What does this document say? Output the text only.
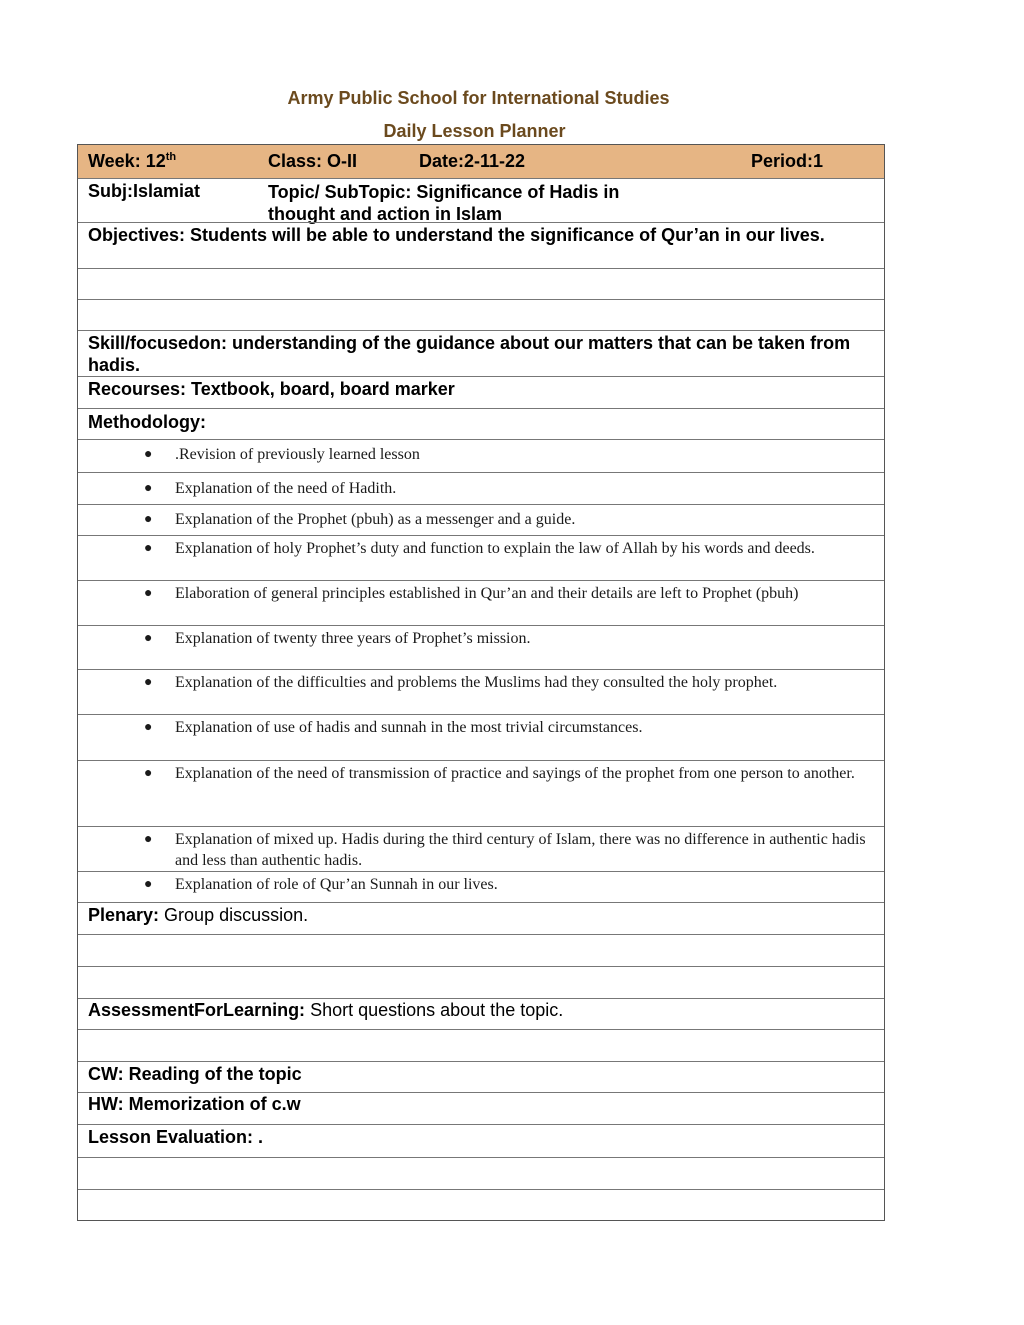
Army Public School for International Studies
Daily Lesson Planner
Week: 12th	Class: O-II	Date:2-11-22	Period:1
Subj:Islamiat	Topic/ SubTopic: Significance of Hadis in thought and action in Islam
Objectives: Students will be able to understand the significance of Qur’an in our lives.
Skill/focusedon: understanding of the guidance about our matters that can be taken from hadis.
Recourses: Textbook, board, board marker
Methodology:
● .Revision of previously learned lesson
● Explanation of the need of Hadith.
● Explanation of the Prophet (pbuh) as a messenger and a guide.
● Explanation of holy Prophet’s duty and function to explain the law of Allah by his words and deeds.
● Elaboration of general principles established in Qur’an and their details are left to Prophet (pbuh)
● Explanation of twenty three years of Prophet’s mission.
● Explanation of the difficulties and problems the Muslims had they consulted the holy prophet.
● Explanation of use of hadis and sunnah in the most trivial circumstances.
● Explanation of the need of transmission of practice and sayings of the prophet from one person to another.
● Explanation of mixed up. Hadis during the third century of Islam, there was no difference in authentic hadis and less than authentic hadis.
● Explanation of role of Qur’an Sunnah in our lives.
Plenary: Group discussion.
AssessmentForLearning: Short questions about the topic.
CW: Reading of the topic
HW: Memorization of c.w
Lesson Evaluation: .
